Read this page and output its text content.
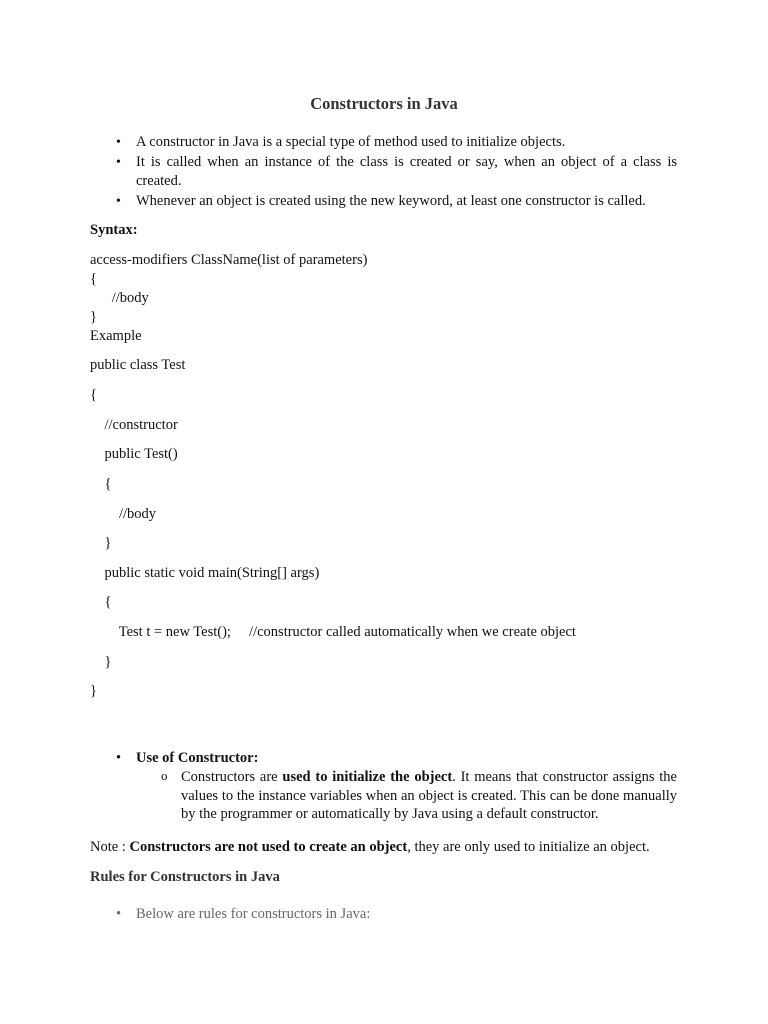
Constructors in Java
• A constructor in Java is a special type of method used to initialize objects.
• It is called when an instance of the class is created or say, when an object of a class is created.
• Whenever an object is created using the new keyword, at least one constructor is called.
Syntax:
access-modifiers ClassName(list of parameters)
{
	//body
}
Example
public class Test
{
//constructor
public Test()
{
//body
}
public static void main(String[] args)
{
Test t = new Test();     //constructor called automatically when we create object
}
}
• Use of Constructor:
o Constructors are used to initialize the object. It means that constructor assigns the values to the instance variables when an object is created. This can be done manually by the programmer or automatically by Java using a default constructor.
Note : Constructors are not used to create an object, they are only used to initialize an object.
Rules for Constructors in Java
• Below are rules for constructors in Java:
